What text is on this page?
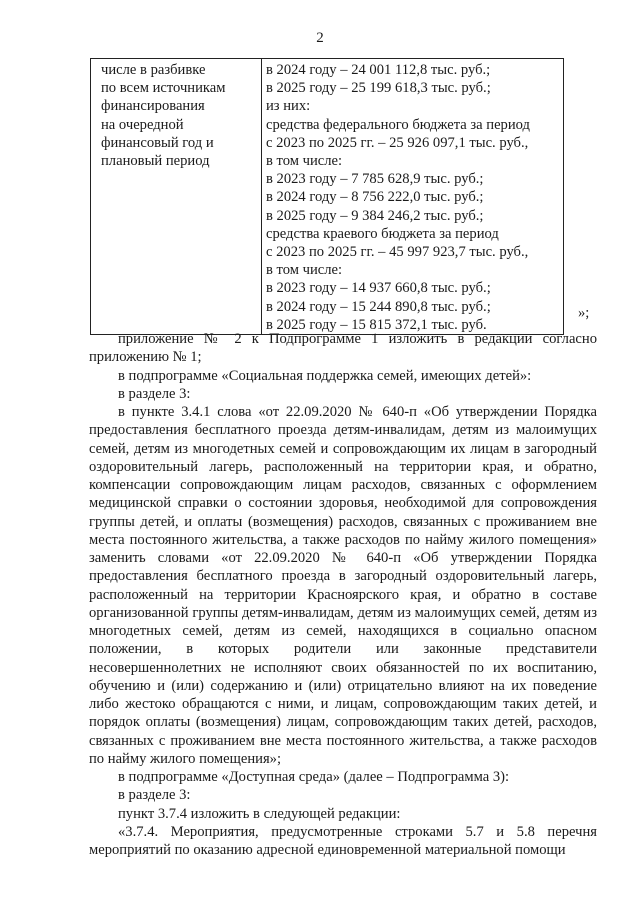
2
числе в разбивке
по всем источникам
финансирования
на очередной
финансовый год и
плановый период

в 2024 году – 24 001 112,8 тыс. руб.;
в 2025 году – 25 199 618,3 тыс. руб.;
из них:
средства федерального бюджета за период
с 2023 по 2025 гг. – 25 926 097,1 тыс. руб.,
в том числе:
в 2023 году – 7 785 628,9 тыс. руб.;
в 2024 году – 8 756 222,0 тыс. руб.;
в 2025 году – 9 384 246,2 тыс. руб.;
средства краевого бюджета за период
с 2023 по 2025 гг. – 45 997 923,7 тыс. руб.,
в том числе:
в 2023 году – 14 937 660,8 тыс. руб.;
в 2024 году – 15 244 890,8 тыс. руб.;
в 2025 году – 15 815 372,1 тыс. руб.
»;

приложение № 2 к Подпрограмме 1 изложить в редакции согласно приложению № 1;

в подпрограмме «Социальная поддержка семей, имеющих детей»:

в разделе 3:

в пункте 3.4.1 слова «от 22.09.2020 № 640-п «Об утверждении Порядка предоставления бесплатного проезда детям-инвалидам, детям из малоимущих семей, детям из многодетных семей и сопровождающим их лицам в загородный оздоровительный лагерь, расположенный на территории края, и обратно, компенсации сопровождающим лицам расходов, связанных с оформлением медицинской справки о состоянии здоровья, необходимой для сопровождения группы детей, и оплаты (возмещения) расходов, связанных с проживанием вне места постоянного жительства, а также расходов по найму жилого помещения» заменить словами «от 22.09.2020 № 640-п «Об утверждении Порядка предоставления бесплатного проезда в загородный оздоровительный лагерь, расположенный на территории Красноярского края, и обратно в составе организованной группы детям-инвалидам, детям из малоимущих семей, детям из многодетных семей, детям из семей, находящихся в социально опасном положении, в которых родители или законные представители несовершеннолетних не исполняют своих обязанностей по их воспитанию, обучению и (или) содержанию и (или) отрицательно влияют на их поведение либо жестоко обращаются с ними, и лицам, сопровождающим таких детей, и порядок оплаты (возмещения) лицам, сопровождающим таких детей, расходов, связанных с проживанием вне места постоянного жительства, а также расходов по найму жилого помещения»;

в подпрограмме «Доступная среда» (далее – Подпрограмма 3):

в разделе 3:

пункт 3.7.4 изложить в следующей редакции:

«3.7.4. Мероприятия, предусмотренные строками 5.7 и 5.8 перечня мероприятий по оказанию адресной единовременной материальной помощи
